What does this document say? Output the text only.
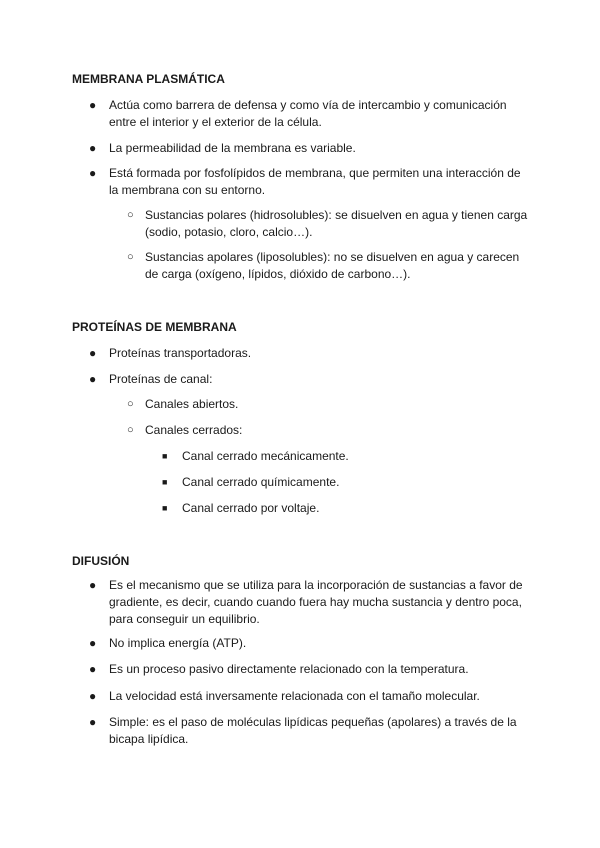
MEMBRANA PLASMÁTICA
● Actúa como barrera de defensa y como vía de intercambio y comunicación entre el interior y el exterior de la célula.
● La permeabilidad de la membrana es variable.
● Está formada por fosfolípidos de membrana, que permiten una interacción de la membrana con su entorno.
○ Sustancias polares (hidrosolubles): se disuelven en agua y tienen carga (sodio, potasio, cloro, calcio…).
○ Sustancias apolares (liposolubles): no se disuelven en agua y carecen de carga (oxígeno, lípidos, dióxido de carbono…).
PROTEÍNAS DE MEMBRANA
● Proteínas transportadoras.
● Proteínas de canal:
○ Canales abiertos.
○ Canales cerrados:
■ Canal cerrado mecánicamente.
■ Canal cerrado químicamente.
■ Canal cerrado por voltaje.
DIFUSIÓN
● Es el mecanismo que se utiliza para la incorporación de sustancias a favor de gradiente, es decir, cuando cuando fuera hay mucha sustancia y dentro poca, para conseguir un equilibrio.
● No implica energía (ATP).
● Es un proceso pasivo directamente relacionado con la temperatura.
● La velocidad está inversamente relacionada con el tamaño molecular.
● Simple: es el paso de moléculas lipídicas pequeñas (apolares) a través de la bicapa lipídica.
